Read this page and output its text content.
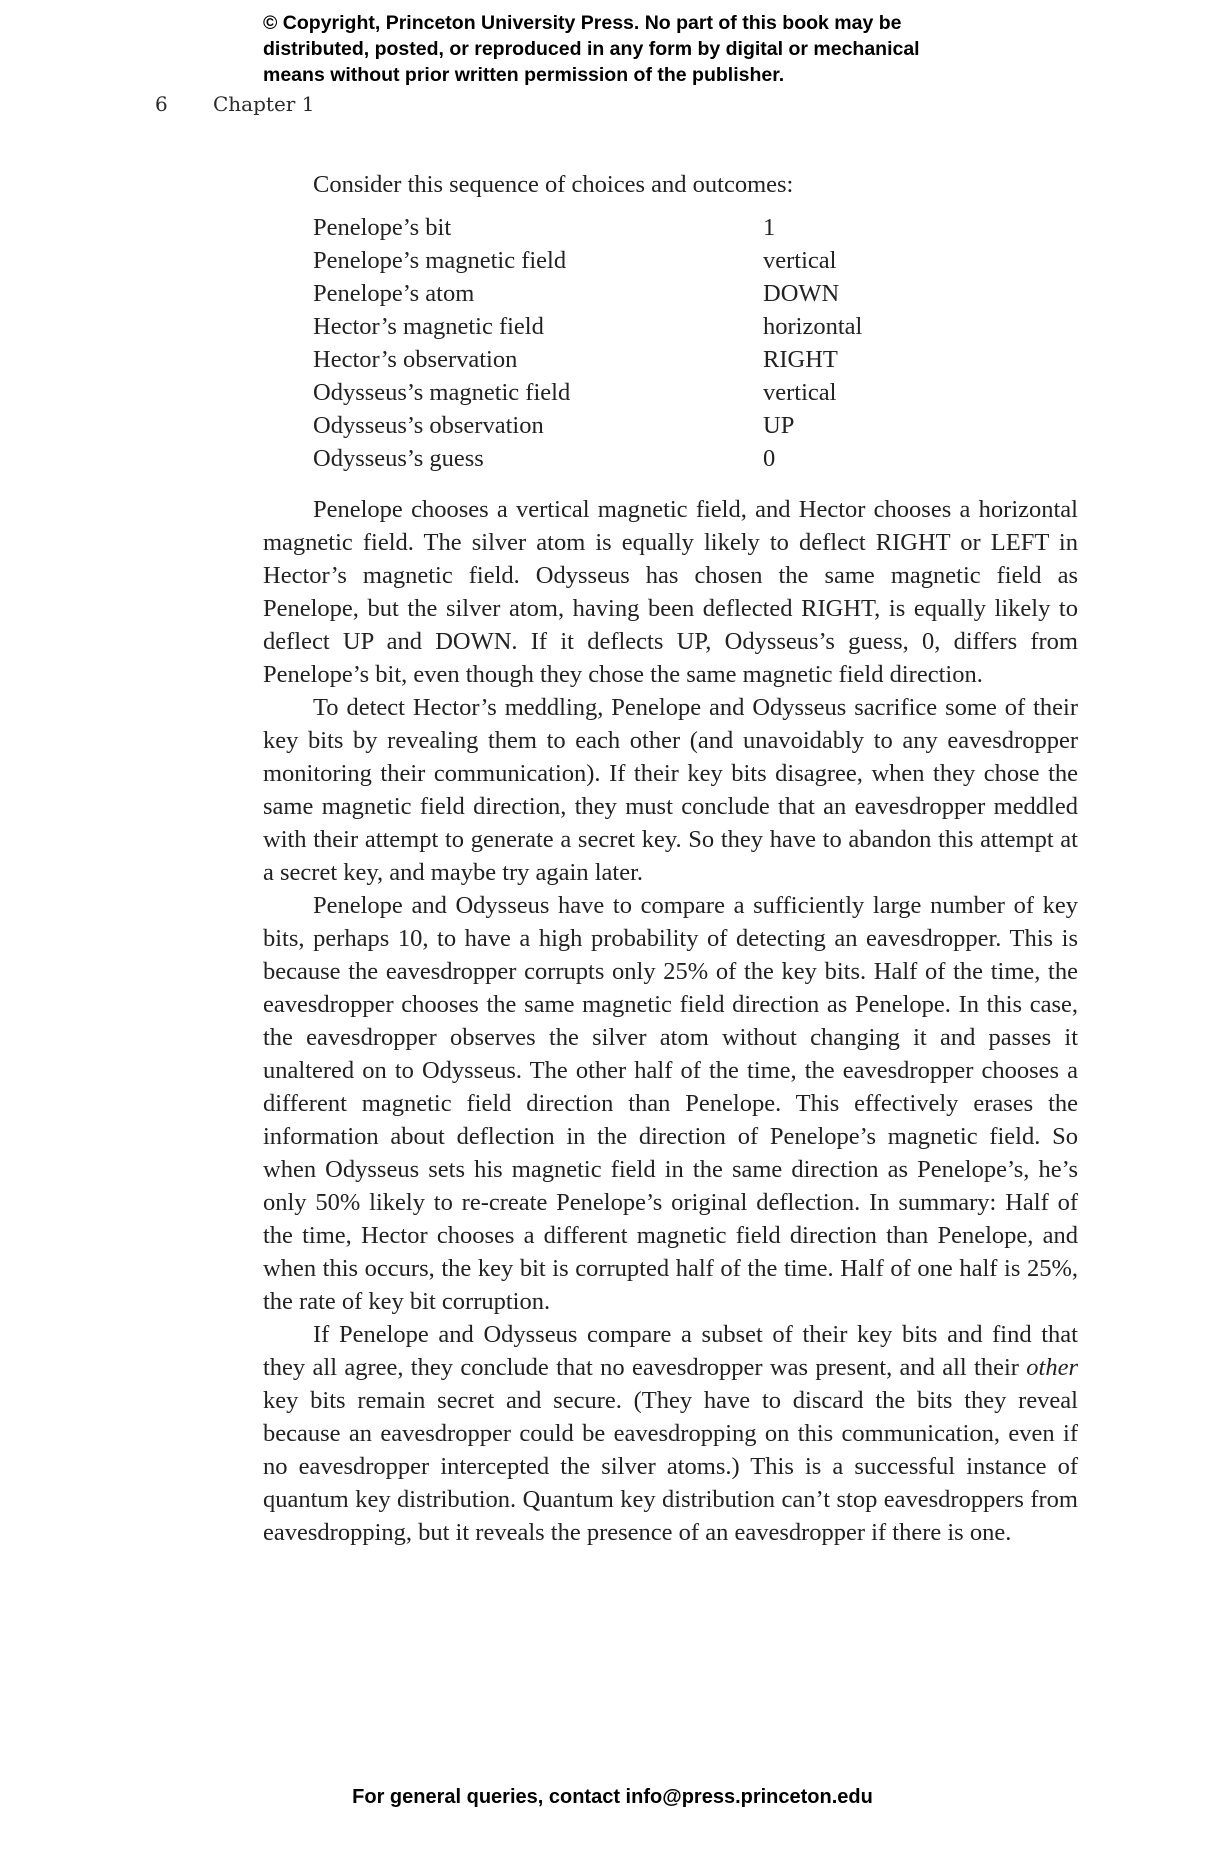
© Copyright, Princeton University Press. No part of this book may be
distributed, posted, or reproduced in any form by digital or mechanical
means without prior written permission of the publisher.
6 Chapter 1

Consider this sequence of choices and outcomes:

Penelope’s bit	1
Penelope’s magnetic field	vertical
Penelope’s atom	DOWN
Hector’s magnetic field	horizontal
Hector’s observation	RIGHT
Odysseus’s magnetic field	vertical
Odysseus’s observation	UP
Odysseus’s guess	0

Penelope chooses a vertical magnetic field, and Hector chooses a horizontal magnetic field. The silver atom is equally likely to deflect RIGHT or LEFT in Hector’s magnetic field. Odysseus has chosen the same magnetic field as Penelope, but the silver atom, having been deflected RIGHT, is equally likely to deflect UP and DOWN. If it deflects UP, Odysseus’s guess, 0, differs from Penelope’s bit, even though they chose the same magnetic field direction.

To detect Hector’s meddling, Penelope and Odysseus sacrifice some of their key bits by revealing them to each other (and unavoidably to any eavesdropper monitoring their communication). If their key bits disagree, when they chose the same magnetic field direction, they must conclude that an eavesdropper meddled with their attempt to generate a secret key. So they have to abandon this attempt at a secret key, and maybe try again later.

Penelope and Odysseus have to compare a sufficiently large number of key bits, perhaps 10, to have a high probability of detecting an eavesdropper. This is because the eavesdropper corrupts only 25% of the key bits. Half of the time, the eavesdropper chooses the same magnetic field direction as Penelope. In this case, the eavesdropper observes the silver atom without changing it and passes it unaltered on to Odysseus. The other half of the time, the eavesdropper chooses a different magnetic field direction than Penelope. This effectively erases the information about deflection in the direction of Penelope’s magnetic field. So when Odysseus sets his magnetic field in the same direction as Penelope’s, he’s only 50% likely to re-create Penelope’s original deflection. In summary: Half of the time, Hector chooses a different magnetic field direction than Penelope, and when this occurs, the key bit is corrupted half of the time. Half of one half is 25%, the rate of key bit corruption.

If Penelope and Odysseus compare a subset of their key bits and find that they all agree, they conclude that no eavesdropper was present, and all their other key bits remain secret and secure. (They have to discard the bits they reveal because an eavesdropper could be eavesdropping on this communication, even if no eavesdropper intercepted the silver atoms.) This is a successful instance of quantum key distribution. Quantum key distribution can’t stop eavesdroppers from eavesdropping, but it reveals the presence of an eavesdropper if there is one.

For general queries, contact info@press.princeton.edu
